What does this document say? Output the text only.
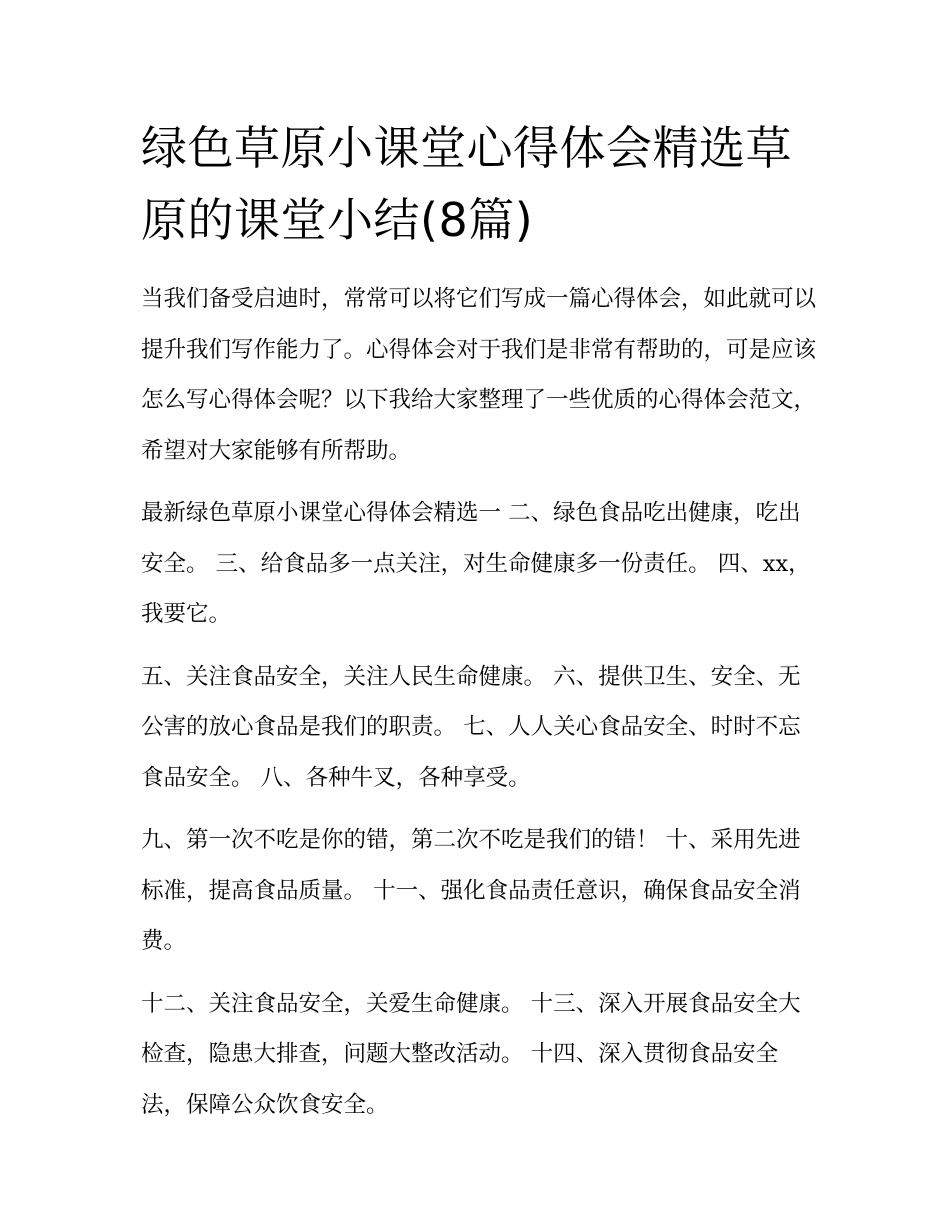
绿色草原小课堂心得体会精选草原的课堂小结(8篇)

当我们备受启迪时，常常可以将它们写成一篇心得体会，如此就可以提升我们写作能力了。心得体会对于我们是非常有帮助的，可是应该怎么写心得体会呢？以下我给大家整理了一些优质的心得体会范文，希望对大家能够有所帮助。

最新绿色草原小课堂心得体会精选一 二、绿色食品吃出健康，吃出安全。 三、给食品多一点关注，对生命健康多一份责任。 四、xx，我要它。

五、关注食品安全，关注人民生命健康。 六、提供卫生、安全、无公害的放心食品是我们的职责。 七、人人关心食品安全、时时不忘食品安全。 八、各种牛叉，各种享受。

九、第一次不吃是你的错，第二次不吃是我们的错！ 十、采用先进标准，提高食品质量。 十一、强化食品责任意识，确保食品安全消费。

十二、关注食品安全，关爱生命健康。 十三、深入开展食品安全大检查，隐患大排查，问题大整改活动。 十四、深入贯彻食品安全法，保障公众饮食安全。
